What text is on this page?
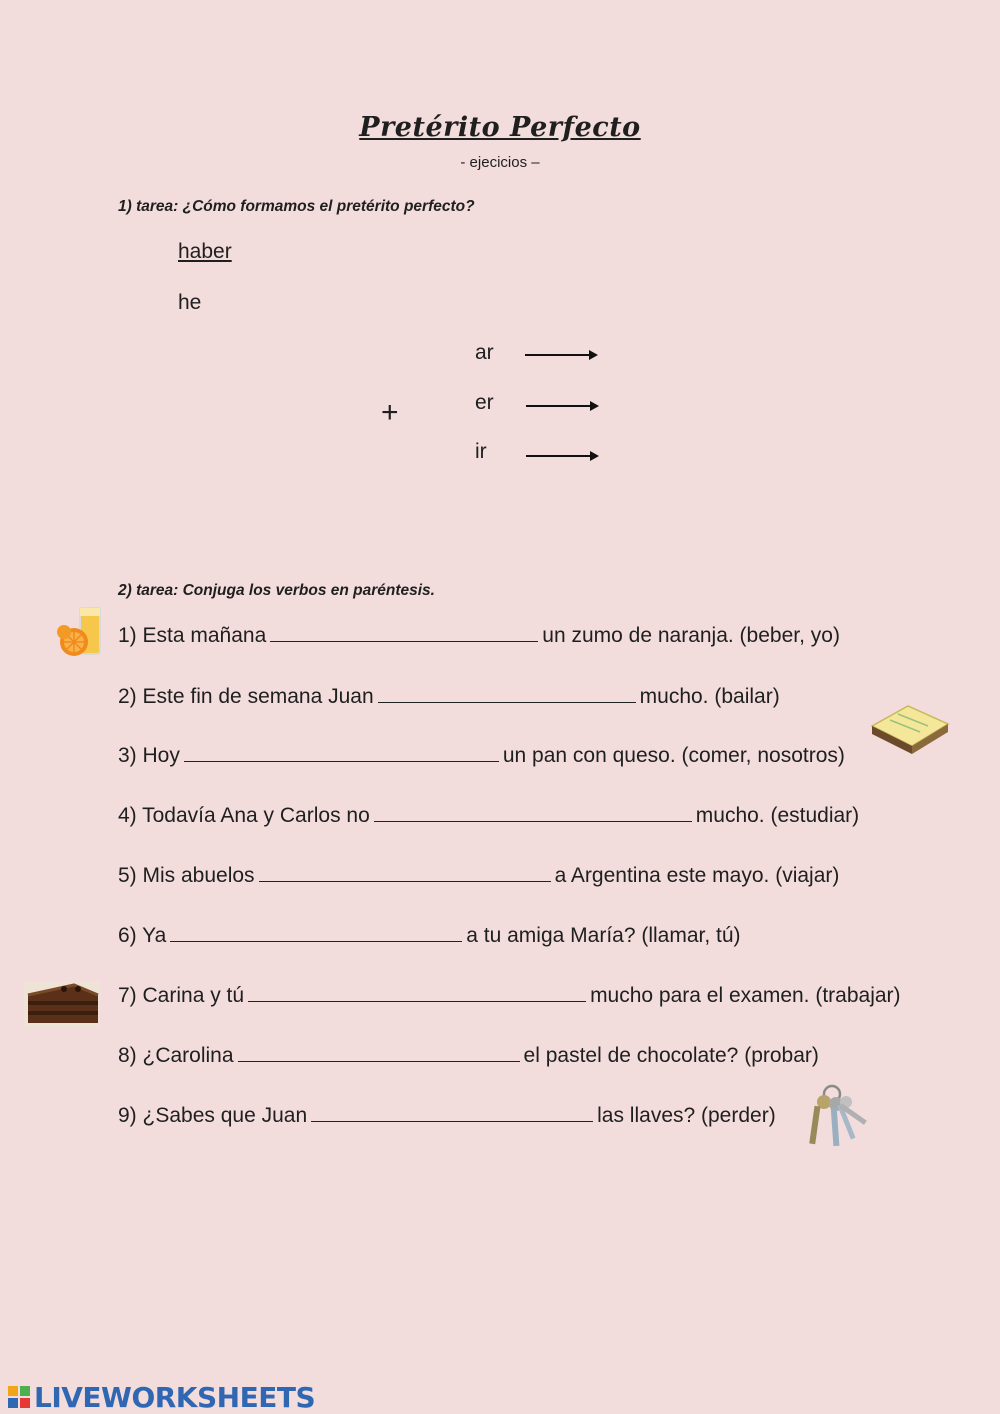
Pretérito Perfecto
- ejecicios –
1) tarea: ¿Cómo formamos el pretérito perfecto?
haber
he
+
ar
er
ir
2) tarea: Conjuga los verbos en paréntesis.
1) Esta mañana	un zumo de naranja. (beber, yo)
2) Este fin de semana Juan	mucho. (bailar)
3) Hoy	un pan con queso. (comer, nosotros)
4) Todavía Ana y Carlos no	mucho. (estudiar)
5) Mis abuelos	a Argentina este mayo. (viajar)
6) Ya	a tu amiga María? (llamar, tú)
7) Carina y tú	mucho para el examen. (trabajar)
8) ¿Carolina	el pastel de chocolate? (probar)
9) ¿Sabes que Juan	las llaves? (perder)
LIVEWORKSHEETS
